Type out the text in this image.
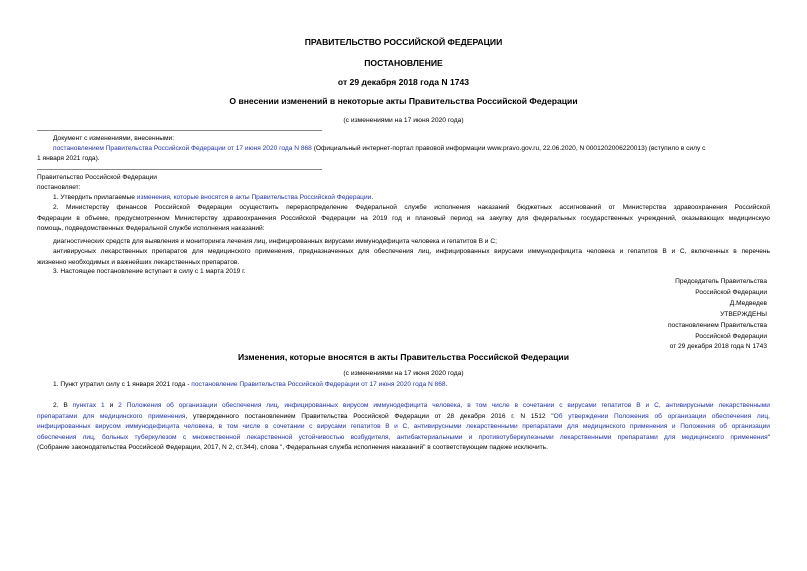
ПРАВИТЕЛЬСТВО РОССИЙСКОЙ ФЕДЕРАЦИИ
ПОСТАНОВЛЕНИЕ
от 29 декабря 2018 года N 1743
О внесении изменений в некоторые акты Правительства Российской Федерации
(с изменениями на 17 июня 2020 года)
Документ с изменениями, внесенными:
постановлением Правительства Российской Федерации от 17 июня 2020 года N 868 (Официальный интернет-портал правовой информации www.pravo.gov.ru, 22.06.2020, N 0001202006220013) (вступило в силу с
1 января 2021 года).
Правительство Российской Федерации
постановляет:
1. Утвердить прилагаемые изменения, которые вносятся в акты Правительства Российской Федерации.
2. Министерству финансов Российской Федерации осуществить перераспределение Федеральной службе исполнения наказаний бюджетных ассигнований от Министерства здравоохранения Российской
Федерации в объеме, предусмотренном Министерству здравоохранения Российской Федерации на 2019 год и плановый период на закупку для федеральных государственных учреждений, оказывающих медицинскую
помощь, подведомственных Федеральной службе исполнения наказаний:
диагностических средств для выявления и мониторинга лечения лиц, инфицированных вирусами иммунодефицита человека и гепатитов B и C;
антивирусных лекарственных препаратов для медицинского применения, предназначенных для обеспечения лиц, инфицированных вирусами иммунодефицита человека и гепатитов B и C, включенных в перечень
жизненно необходимых и важнейших лекарственных препаратов.
3. Настоящее постановление вступает в силу с 1 марта 2019 г.
Председатель Правительства
Российской Федерации
Д.Медведев
УТВЕРЖДЕНЫ
постановлением Правительства
Российской Федерации
от 29 декабря 2018 года N 1743
Изменения, которые вносятся в акты Правительства Российской Федерации
(с изменениями на 17 июня 2020 года)
1. Пункт утратил силу с 1 января 2021 года - постановление Правительства Российской Федерации от 17 июня 2020 года N 868.
2. В пунктах 1 и 2 Положения об организации обеспечения лиц, инфицированных вирусом иммунодефицита человека, в том числе в сочетании с вирусами гепатитов B и C, антивирусными лекарственными
препаратами для медицинского применения, утвержденного постановлением Правительства Российской Федерации от 28 декабря 2016 г. N 1512 "Об утверждении Положения об организации обеспечения лиц,
инфицированных вирусом иммунодефицита человека, в том числе в сочетании с вирусами гепатитов B и C, антивирусными лекарственными препаратами для медицинского применения и Положения об организации
обеспечения лиц, больных туберкулезом с множественной лекарственной устойчивостью возбудителя, антибактериальными и противотуберкулезными лекарственными препаратами для медицинского применения"
(Собрание законодательства Российской Федерации, 2017, N 2, ст.344), слова ", Федеральная служба исполнения наказаний" в соответствующем падеже исключить.
